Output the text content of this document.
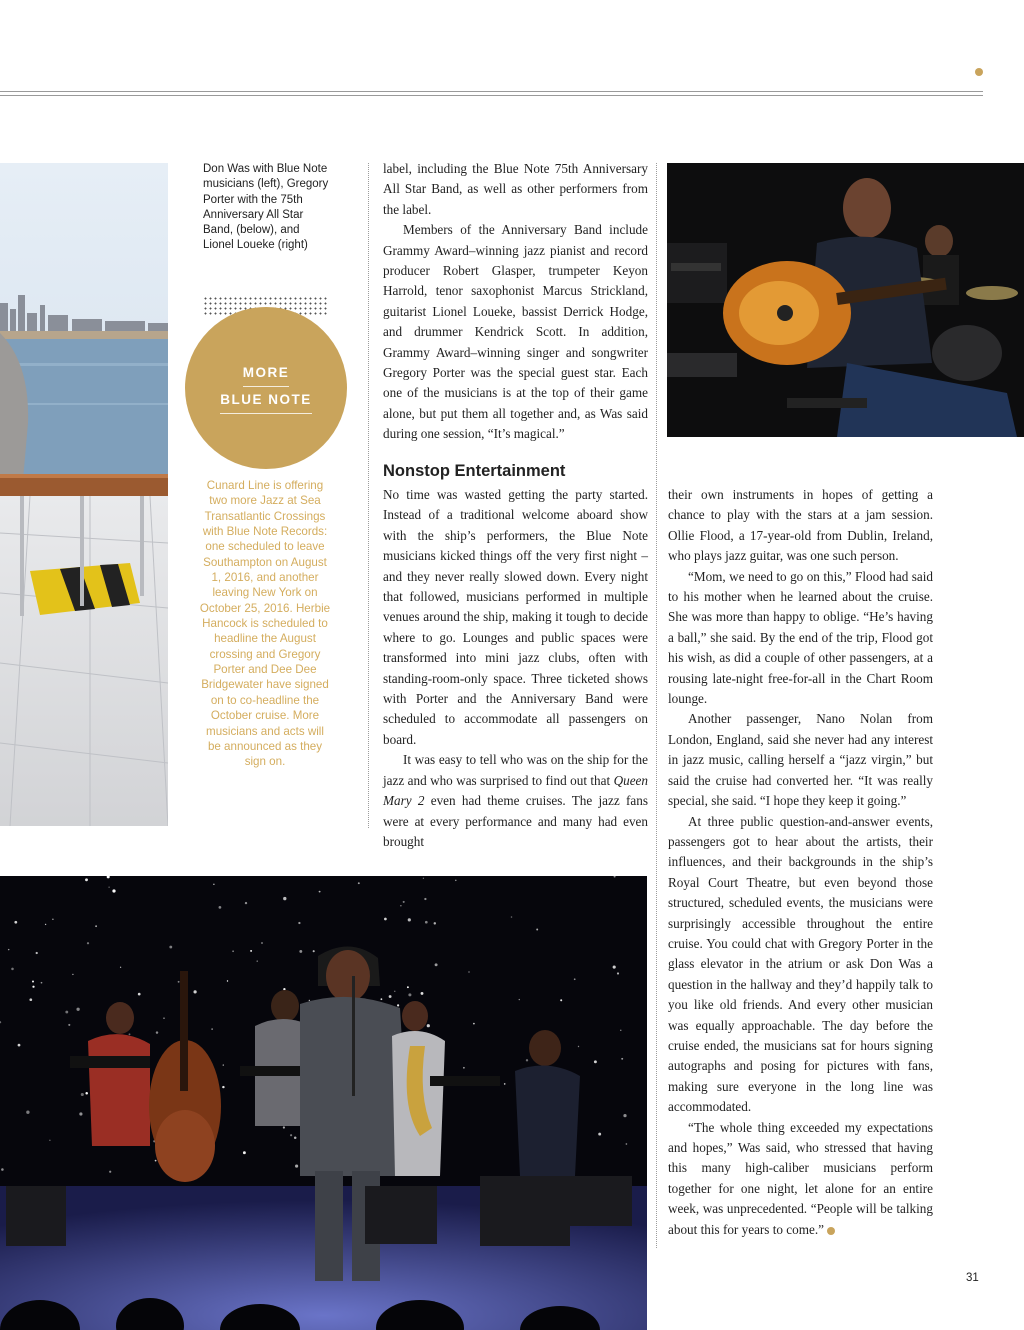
Don Was with Blue Note musicians (left), Gregory Porter with the 75th Anniversary All Star Band, (below), and Lionel Loueke (right)
MORE
BLUE NOTE
Cunard Line is offering two more Jazz at Sea Transatlantic Crossings with Blue Note Records: one scheduled to leave Southampton on August 1, 2016, and another leaving New York on October 25, 2016. Herbie Hancock is scheduled to headline the August crossing and Gregory Porter and Dee Dee Bridgewater have signed on to co-headline the October cruise. More musicians and acts will be announced as they sign on.

label, including the Blue Note 75th Anniversary All Star Band, as well as other performers from the label.

Members of the Anniversary Band include Grammy Award–winning jazz pianist and record producer Robert Glasper, trumpeter Keyon Harrold, tenor saxophonist Marcus Strickland, guitarist Lionel Loueke, bassist Derrick Hodge, and drummer Kendrick Scott. In addition, Grammy Award–winning singer and songwriter Gregory Porter was the special guest star. Each one of the musicians is at the top of their game alone, but put them all together and, as Was said during one session, “It’s magical.”

Nonstop Entertainment

No time was wasted getting the party started. Instead of a traditional welcome aboard show with the ship’s performers, the Blue Note musicians kicked things off the very first night – and they never really slowed down. Every night that followed, musicians performed in multiple venues around the ship, making it tough to decide where to go. Lounges and public spaces were transformed into mini jazz clubs, often with standing-room-only space. Three ticketed shows with Porter and the Anniversary Band were scheduled to accommodate all passengers on board.

It was easy to tell who was on the ship for the jazz and who was surprised to find out that Queen Mary 2 even had theme cruises. The jazz fans were at every performance and many had even brought

their own instruments in hopes of getting a chance to play with the stars at a jam session. Ollie Flood, a 17-year-old from Dublin, Ireland, who plays jazz guitar, was one such person.

“Mom, we need to go on this,” Flood had said to his mother when he learned about the cruise. She was more than happy to oblige. “He’s having a ball,” she said. By the end of the trip, Flood got his wish, as did a couple of other passengers, at a rousing late-night free-for-all in the Chart Room lounge.

Another passenger, Nano Nolan from London, England, said she never had any interest in jazz music, calling herself a “jazz virgin,” but said the cruise had converted her. “It was really special, she said. “I hope they keep it going.”

At three public question-and-answer events, passengers got to hear about the artists, their influences, and their backgrounds in the ship’s Royal Court Theatre, but even beyond those structured, scheduled events, the musicians were surprisingly accessible throughout the entire cruise. You could chat with Gregory Porter in the glass elevator in the atrium or ask Don Was a question in the hallway and they’d happily talk to you like old friends. And every other musician was equally approachable. The day before the cruise ended, the musicians sat for hours signing autographs and posing for pictures with fans, making sure everyone in the long line was accommodated.

“The whole thing exceeded my expectations and hopes,” Was said, who stressed that having this many high-caliber musicians perform together for one night, let alone for an entire week, was unprecedented. “People will be talking about this for years to come.”

31
